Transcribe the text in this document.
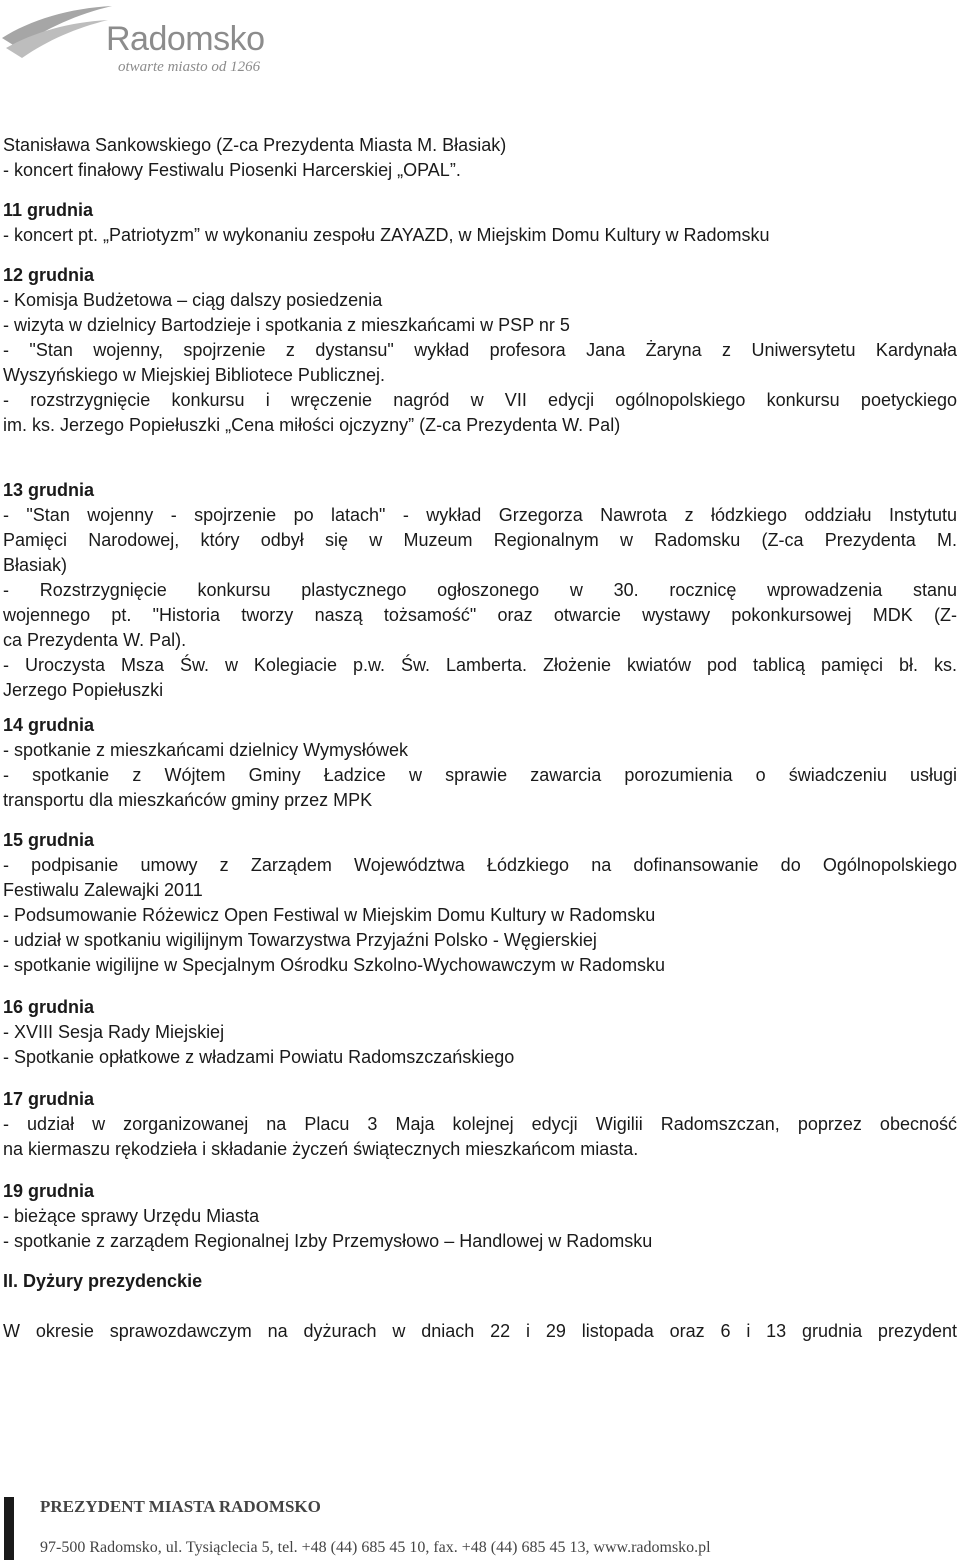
Radomsko
otwarte miasto od 1266
Stanisława Sankowskiego (Z-ca Prezydenta Miasta M. Błasiak)
- koncert finałowy Festiwalu Piosenki Harcerskiej „OPAL”.
11 grudnia
- koncert pt. „Patriotyzm” w wykonaniu zespołu ZAYAZD, w Miejskim Domu Kultury w Radomsku
12 grudnia
- Komisja Budżetowa – ciąg dalszy posiedzenia
- wizyta w dzielnicy Bartodzieje i spotkania z mieszkańcami w PSP nr 5
- "Stan wojenny, spojrzenie z dystansu" wykład profesora Jana Żaryna z Uniwersytetu Kardynała
Wyszyńskiego w Miejskiej Bibliotece Publicznej.
- rozstrzygnięcie konkursu i wręczenie nagród w VII edycji ogólnopolskiego konkursu poetyckiego
im. ks. Jerzego Popiełuszki „Cena miłości ojczyzny” (Z-ca Prezydenta W. Pal)
13 grudnia
- "Stan wojenny - spojrzenie po latach" - wykład Grzegorza Nawrota z łódzkiego oddziału Instytutu
Pamięci Narodowej, który odbył się w Muzeum Regionalnym w Radomsku (Z-ca Prezydenta M.
Błasiak)
- Rozstrzygnięcie konkursu plastycznego ogłoszonego w 30. rocznicę wprowadzenia stanu
wojennego pt. "Historia tworzy naszą tożsamość" oraz otwarcie wystawy pokonkursowej MDK (Z-
ca Prezydenta W. Pal).
- Uroczysta Msza Św. w Kolegiacie p.w. Św. Lamberta. Złożenie kwiatów pod tablicą pamięci bł. ks.
Jerzego Popiełuszki
14 grudnia
- spotkanie z mieszkańcami dzielnicy Wymysłówek
- spotkanie z Wójtem Gminy Ładzice w sprawie zawarcia porozumienia o świadczeniu usługi
transportu dla mieszkańców gminy przez MPK
15 grudnia
- podpisanie umowy z Zarządem Województwa Łódzkiego na dofinansowanie do Ogólnopolskiego
Festiwalu Zalewajki 2011
- Podsumowanie Różewicz Open Festiwal w Miejskim Domu Kultury w Radomsku
- udział w spotkaniu wigilijnym Towarzystwa Przyjaźni Polsko - Węgierskiej
- spotkanie wigilijne w Specjalnym Ośrodku Szkolno-Wychowawczym w Radomsku
16 grudnia
- XVIII Sesja Rady Miejskiej
- Spotkanie opłatkowe z władzami Powiatu Radomszczańskiego
17 grudnia
- udział w zorganizowanej na Placu 3 Maja kolejnej edycji Wigilii Radomszczan, poprzez obecność
na kiermaszu rękodzieła i składanie życzeń świątecznych mieszkańcom miasta.
19 grudnia
- bieżące sprawy Urzędu Miasta
- spotkanie z zarządem Regionalnej Izby Przemysłowo – Handlowej w Radomsku
II. Dyżury prezydenckie
W okresie sprawozdawczym na dyżurach w dniach 22 i 29 listopada oraz 6 i 13 grudnia prezydent
PREZYDENT MIASTA RADOMSKO
97-500 Radomsko, ul. Tysiąclecia 5, tel. +48 (44) 685 45 10, fax. +48 (44) 685 45 13, www.radomsko.pl
